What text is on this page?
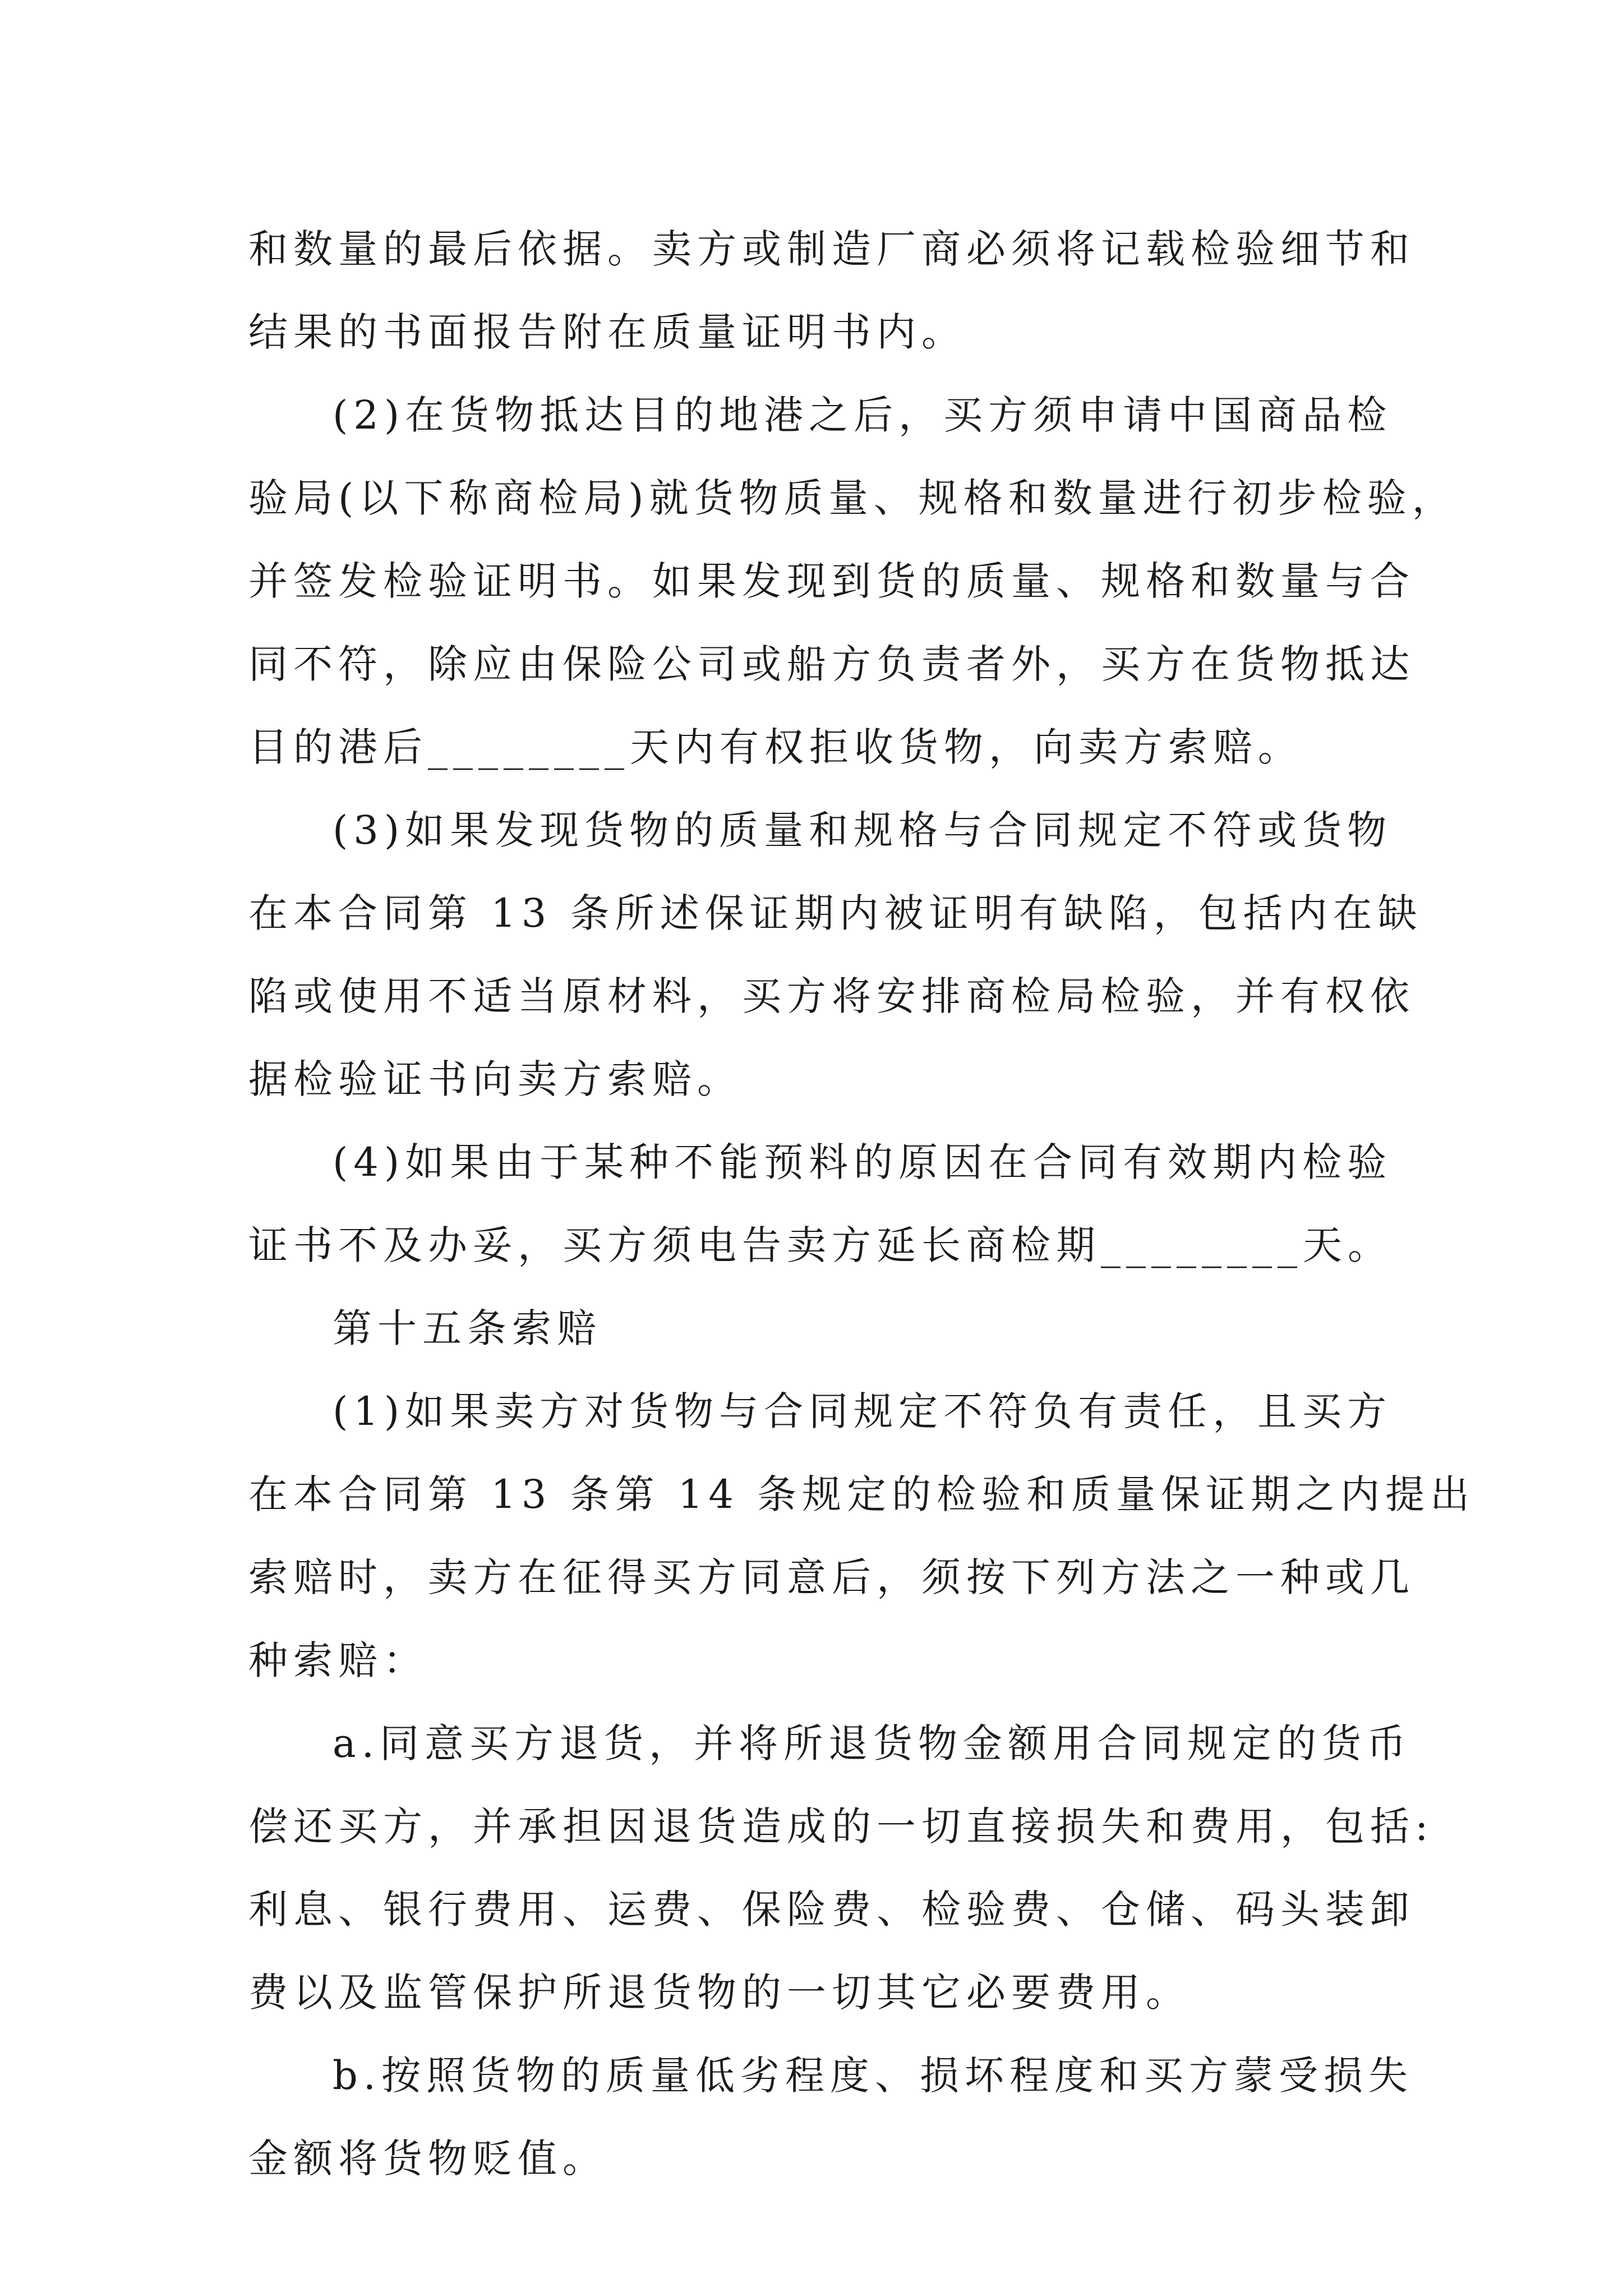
和数量的最后依据。卖方或制造厂商必须将记载检验细节和
结果的书面报告附在质量证明书内。
(2)在货物抵达目的地港之后，买方须申请中国商品检
验局(以下称商检局)就货物质量、规格和数量进行初步检验，
并签发检验证明书。如果发现到货的质量、规格和数量与合
同不符，除应由保险公司或船方负责者外，买方在货物抵达
目的港后________天内有权拒收货物，向卖方索赔。
(3)如果发现货物的质量和规格与合同规定不符或货物
在本合同第 13 条所述保证期内被证明有缺陷，包括内在缺
陷或使用不适当原材料，买方将安排商检局检验，并有权依
据检验证书向卖方索赔。
(4)如果由于某种不能预料的原因在合同有效期内检验
证书不及办妥，买方须电告卖方延长商检期________天。
第十五条索赔
(1)如果卖方对货物与合同规定不符负有责任，且买方
在本合同第 13 条第 14 条规定的检验和质量保证期之内提出
索赔时，卖方在征得买方同意后，须按下列方法之一种或几
种索赔：
a.同意买方退货，并将所退货物金额用合同规定的货币
偿还买方，并承担因退货造成的一切直接损失和费用，包括:
利息、银行费用、运费、保险费、检验费、仓储、码头装卸
费以及监管保护所退货物的一切其它必要费用。
b.按照货物的质量低劣程度、损坏程度和买方蒙受损失
金额将货物贬值。
